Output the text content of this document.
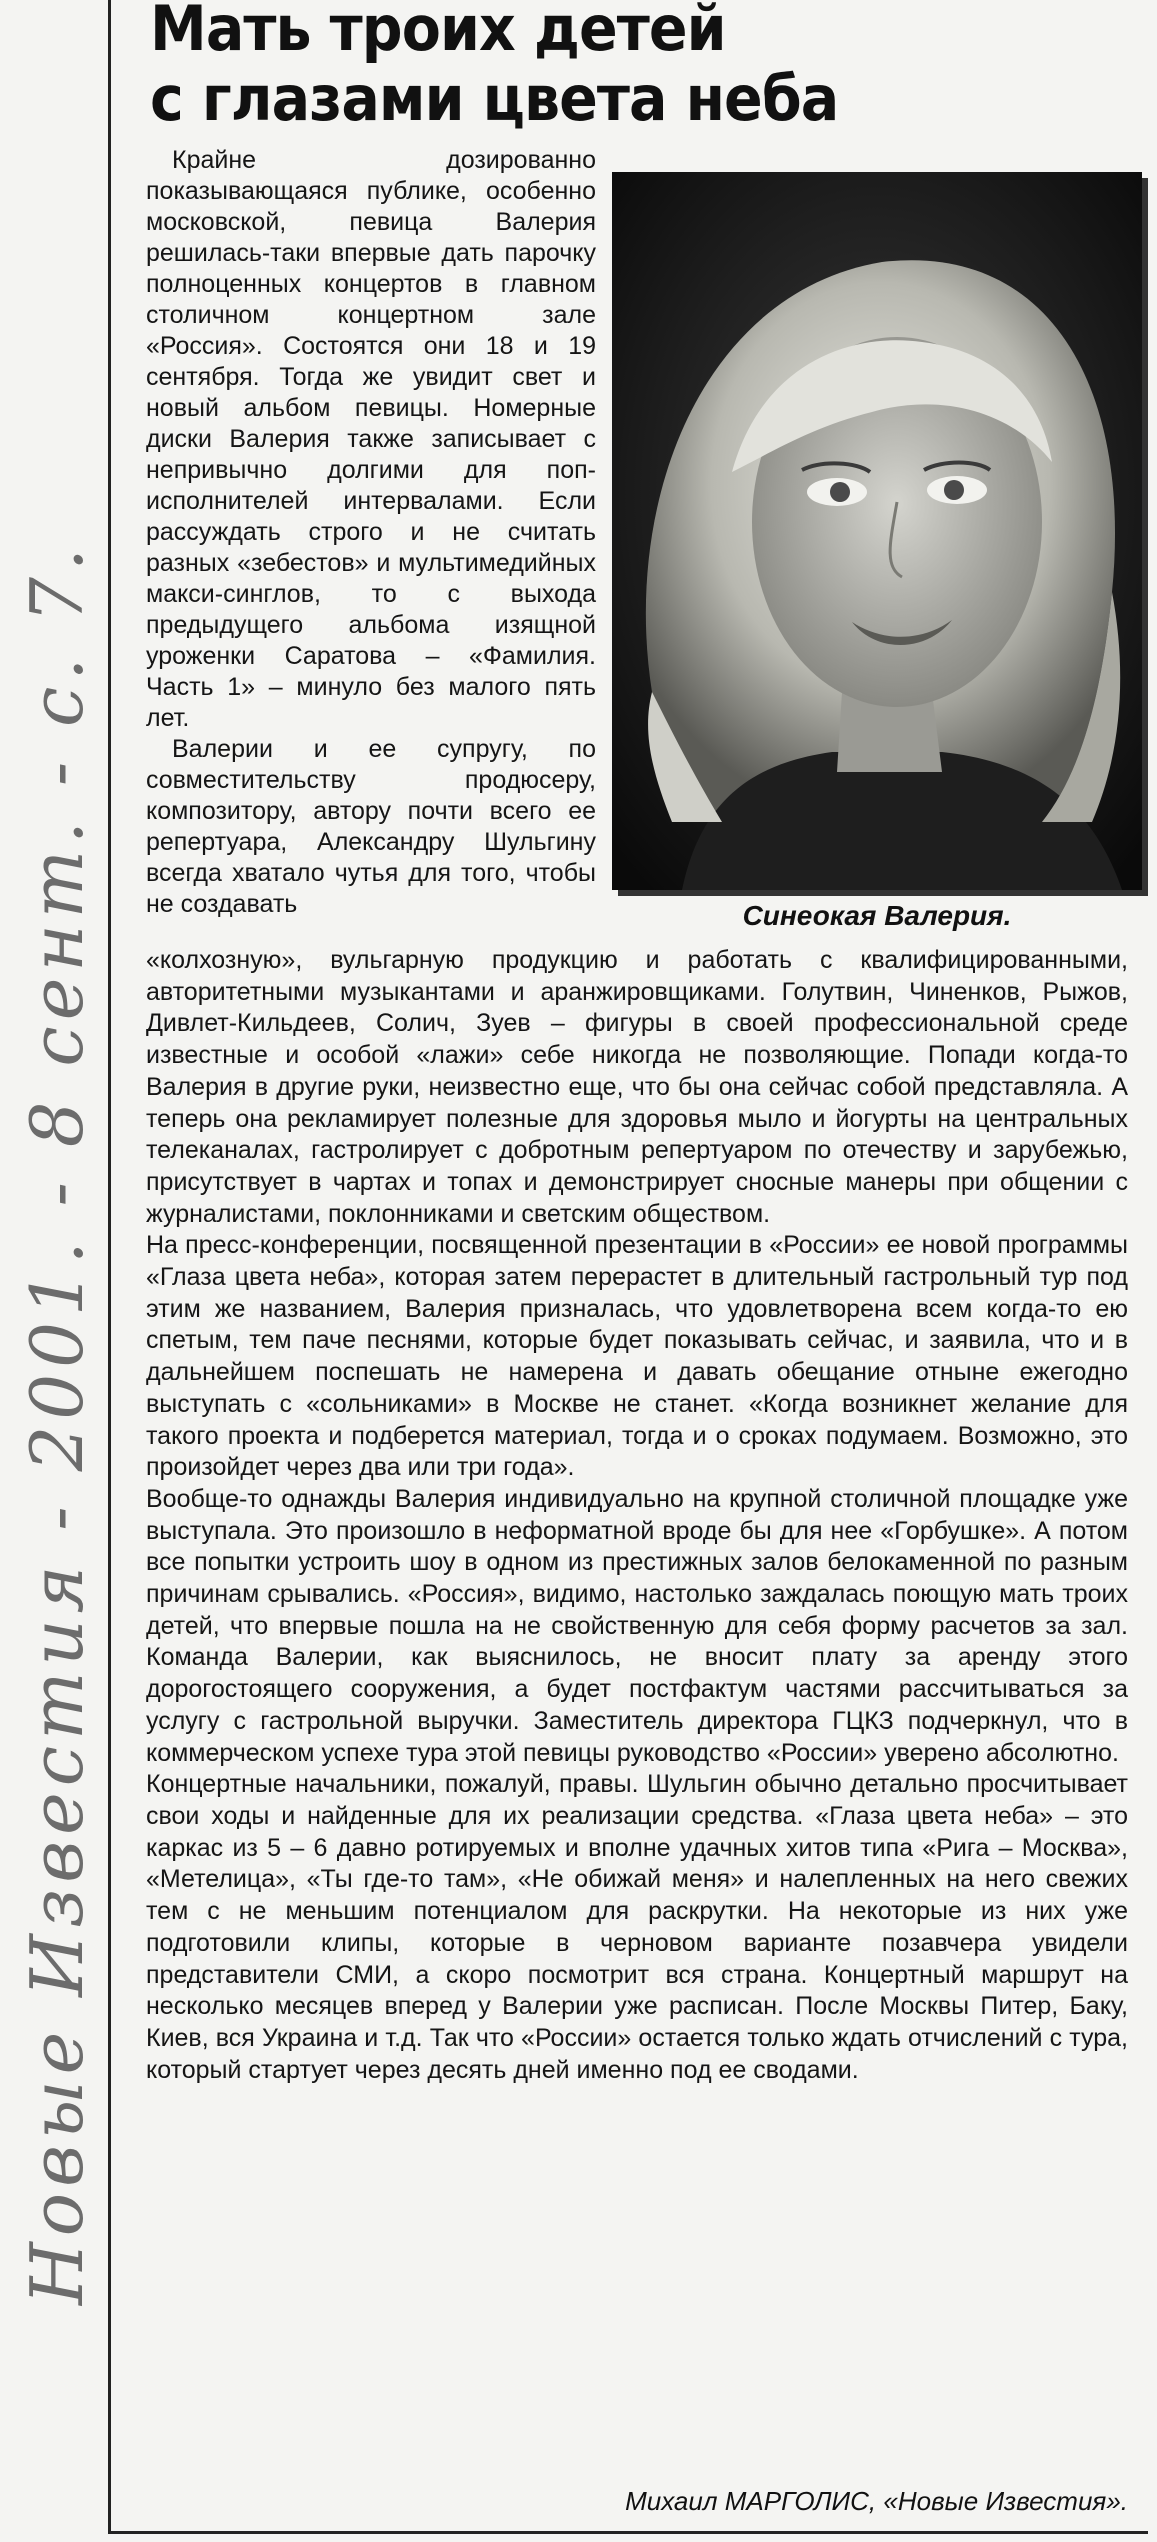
Новые Известия - 2001. - 8 сент. - с. 7.
Мать троих детей
с глазами цвета неба

Крайне дозированно показывающаяся публике, особенно московской, певица Валерия решилась-таки впервые дать парочку полноценных концертов в главном столичном концертном зале «Россия». Состоятся они 18 и 19 сентября. Тогда же увидит свет и новый альбом певицы. Номерные диски Валерия также записывает с непривычно долгими для поп-исполнителей интервалами. Если рассуждать строго и не считать разных «зебестов» и мультимедийных макси-синглов, то с выхода предыдущего альбома изящной уроженки Саратова – «Фамилия. Часть 1» – минуло без малого пять лет.

Валерии и ее супругу, по совместительству продюсеру, композитору, автору почти всего ее репертуара, Александру Шульгину всегда хватало чутья для того, чтобы не создавать	Синеокая Валерия.

«колхозную», вульгарную продукцию и работать с квалифицированными, авторитетными музыкантами и аранжировщиками. Голутвин, Чиненков, Рыжов, Дивлет-Кильдеев, Солич, Зуев – фигуры в своей профессиональной среде известные и особой «лажи» себе никогда не позволяющие. Попади когда-то Валерия в другие руки, неизвестно еще, что бы она сейчас собой представляла. А теперь она рекламирует полезные для здоровья мыло и йогурты на центральных телеканалах, гастролирует с добротным репертуаром по отечеству и зарубежью, присутствует в чартах и топах и демонстрирует сносные манеры при общении с журналистами, поклонниками и светским обществом.

На пресс-конференции, посвященной презентации в «России» ее новой программы «Глаза цвета неба», которая затем перерастет в длительный гастрольный тур под этим же названием, Валерия призналась, что удовлетворена всем когда-то ею спетым, тем паче песнями, которые будет показывать сейчас, и заявила, что и в дальнейшем поспешать не намерена и давать обещание отныне ежегодно выступать с «сольниками» в Москве не станет. «Когда возникнет желание для такого проекта и подберется материал, тогда и о сроках подумаем. Возможно, это произойдет через два или три года».

Вообще-то однажды Валерия индивидуально на крупной столичной площадке уже выступала. Это произошло в неформатной вроде бы для нее «Горбушке». А потом все попытки устроить шоу в одном из престижных залов белокаменной по разным причинам срывались. «Россия», видимо, настолько заждалась поющую мать троих детей, что впервые пошла на не свойственную для себя форму расчетов за зал. Команда Валерии, как выяснилось, не вносит плату за аренду этого дорогостоящего сооружения, а будет постфактум частями рассчитываться за услугу с гастрольной выручки. Заместитель директора ГЦКЗ подчеркнул, что в коммерческом успехе тура этой певицы руководство «России» уверено абсолютно.

Концертные начальники, пожалуй, правы. Шульгин обычно детально просчитывает свои ходы и найденные для их реализации средства. «Глаза цвета неба» – это каркас из 5 – 6 давно ротируемых и вполне удачных хитов типа «Рига – Москва», «Метелица», «Ты где-то там», «Не обижай меня» и налепленных на него свежих тем с не меньшим потенциалом для раскрутки. На некоторые из них уже подготовили клипы, которые в черновом варианте позавчера увидели представители СМИ, а скоро посмотрит вся страна. Концертный маршрут на несколько месяцев вперед у Валерии уже расписан. После Москвы Питер, Баку, Киев, вся Украина и т.д. Так что «России» остается только ждать отчислений с тура, который стартует через десять дней именно под ее сводами.

Михаил МАРГОЛИС, «Новые Известия».
